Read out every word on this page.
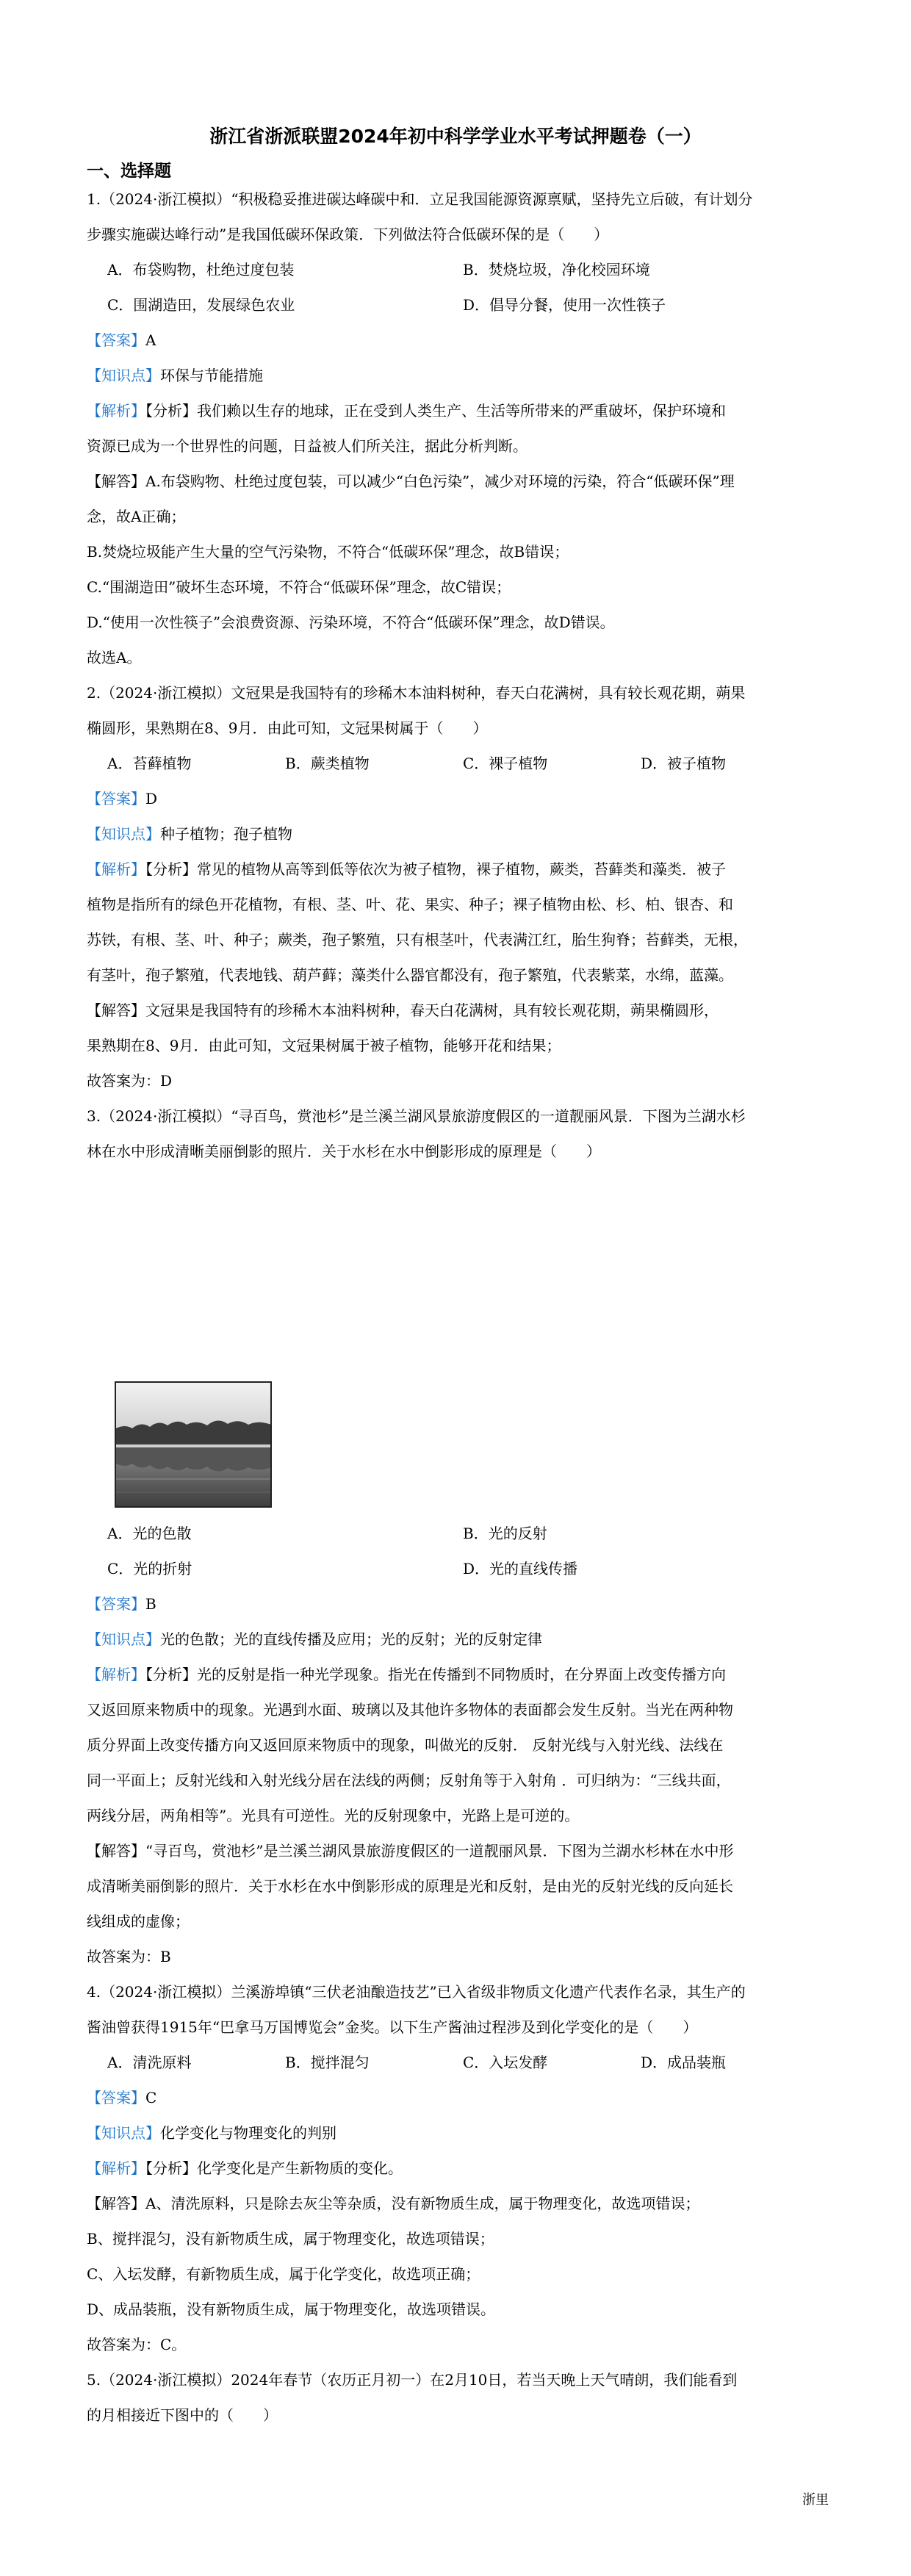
浙江省浙派联盟2024年初中科学学业水平考试押题卷（一）
一、选择题
1.（2024·浙江模拟）“积极稳妥推进碳达峰碳中和．立足我国能源资源禀赋，坚持先立后破，有计划分
步骤实施碳达峰行动”是我国低碳环保政策．下列做法符合低碳环保的是（　　）
A．布袋购物，杜绝过度包装	B．焚烧垃圾，净化校园环境
C．围湖造田，发展绿色农业	D．倡导分餐，使用一次性筷子
【答案】A
【知识点】环保与节能措施
【解析】【分析】我们赖以生存的地球，正在受到人类生产、生活等所带来的严重破坏，保护环境和
资源已成为一个世界性的问题，日益被人们所关注，据此分析判断。
【解答】A.布袋购物、杜绝过度包装，可以减少“白色污染”，减少对环境的污染，符合“低碳环保”理
念，故A正确；
B.焚烧垃圾能产生大量的空气污染物，不符合“低碳环保”理念，故B错误；
C.“围湖造田”破坏生态环境，不符合“低碳环保”理念，故C错误；
D.“使用一次性筷子”会浪费资源、污染环境，不符合“低碳环保”理念，故D错误。
故选A。
2.（2024·浙江模拟）文冠果是我国特有的珍稀木本油料树种，春天白花满树，具有较长观花期，蒴果
椭圆形，果熟期在8、9月．由此可知，文冠果树属于（　　）
A．苔藓植物	B．蕨类植物	C．裸子植物	D．被子植物
【答案】D
【知识点】种子植物；孢子植物
【解析】【分析】常见的植物从高等到低等依次为被子植物，裸子植物，蕨类，苔藓类和藻类．被子
植物是指所有的绿色开花植物，有根、茎、叶、花、果实、种子；裸子植物由松、杉、柏、银杏、和
苏铁，有根、茎、叶、种子；蕨类，孢子繁殖，只有根茎叶，代表满江红，胎生狗脊；苔藓类，无根，
有茎叶，孢子繁殖，代表地钱、葫芦藓；藻类什么器官都没有，孢子繁殖，代表紫菜，水绵，蓝藻。
【解答】文冠果是我国特有的珍稀木本油料树种，春天白花满树，具有较长观花期，蒴果椭圆形，
果熟期在8、9月．由此可知，文冠果树属于被子植物，能够开花和结果；
故答案为：D
3.（2024·浙江模拟）“寻百鸟，赏池杉”是兰溪兰湖风景旅游度假区的一道靓丽风景．下图为兰湖水杉
林在水中形成清晰美丽倒影的照片．关于水杉在水中倒影形成的原理是（　　）
A．光的色散	B．光的反射
C．光的折射	D．光的直线传播
【答案】B
【知识点】光的色散；光的直线传播及应用；光的反射；光的反射定律
【解析】【分析】光的反射是指一种光学现象。指光在传播到不同物质时，在分界面上改变传播方向
又返回原来物质中的现象。光遇到水面、玻璃以及其他许多物体的表面都会发生反射。当光在两种物
质分界面上改变传播方向又返回原来物质中的现象，叫做光的反射． 反射光线与入射光线、法线在
同一平面上；反射光线和入射光线分居在法线的两侧；反射角等于入射角 ．可归纳为：“三线共面，
两线分居，两角相等”。光具有可逆性。光的反射现象中，光路上是可逆的。
【解答】“寻百鸟，赏池杉”是兰溪兰湖风景旅游度假区的一道靓丽风景．下图为兰湖水杉林在水中形
成清晰美丽倒影的照片．关于水杉在水中倒影形成的原理是光和反射，是由光的反射光线的反向延长
线组成的虚像；
故答案为：B
4.（2024·浙江模拟）兰溪游埠镇“三伏老油酿造技艺”已入省级非物质文化遗产代表作名录，其生产的
酱油曾获得1915年“巴拿马万国博览会”金奖。以下生产酱油过程涉及到化学变化的是（　　）
A．清洗原料	B．搅拌混匀	C．入坛发酵	D．成品装瓶
【答案】C
【知识点】化学变化与物理变化的判别
【解析】【分析】化学变化是产生新物质的变化。
【解答】A、清洗原料，只是除去灰尘等杂质，没有新物质生成，属于物理变化，故选项错误；
B、搅拌混匀，没有新物质生成，属于物理变化，故选项错误；
C、入坛发酵，有新物质生成，属于化学变化，故选项正确；
D、成品装瓶，没有新物质生成，属于物理变化，故选项错误。
故答案为：C。
5.（2024·浙江模拟）2024年春节（农历正月初一）在2月10日，若当天晚上天气晴朗，我们能看到
的月相接近下图中的（　　）
浙里
